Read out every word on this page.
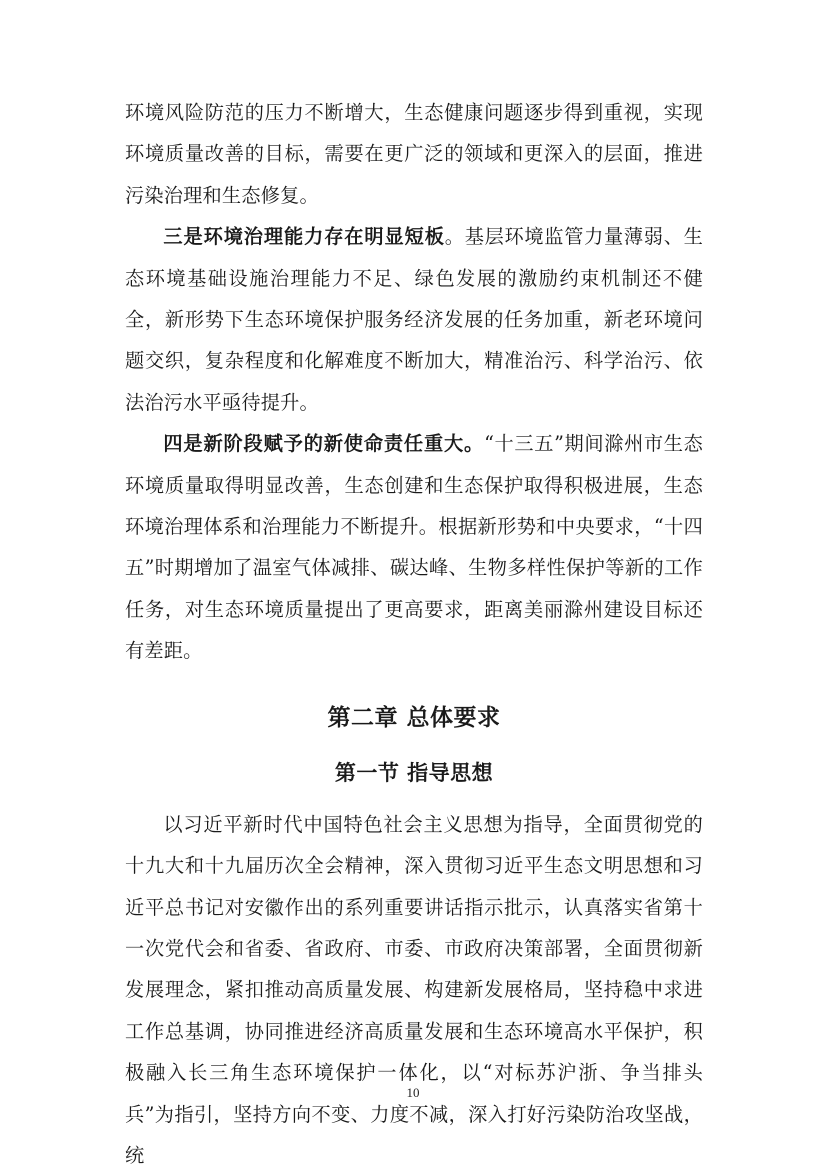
环境风险防范的压力不断增大，生态健康问题逐步得到重视，实现环境质量改善的目标，需要在更广泛的领域和更深入的层面，推进污染治理和生态修复。

三是环境治理能力存在明显短板。基层环境监管力量薄弱、生态环境基础设施治理能力不足、绿色发展的激励约束机制还不健全，新形势下生态环境保护服务经济发展的任务加重，新老环境问题交织，复杂程度和化解难度不断加大，精准治污、科学治污、依法治污水平亟待提升。

四是新阶段赋予的新使命责任重大。“十三五”期间滁州市生态环境质量取得明显改善，生态创建和生态保护取得积极进展，生态环境治理体系和治理能力不断提升。根据新形势和中央要求，“十四五”时期增加了温室气体减排、碳达峰、生物多样性保护等新的工作任务，对生态环境质量提出了更高要求，距离美丽滁州建设目标还有差距。

第二章 总体要求
第一节 指导思想

以习近平新时代中国特色社会主义思想为指导，全面贯彻党的十九大和十九届历次全会精神，深入贯彻习近平生态文明思想和习近平总书记对安徽作出的系列重要讲话指示批示，认真落实省第十一次党代会和省委、省政府、市委、市政府决策部署，全面贯彻新发展理念，紧扣推动高质量发展、构建新发展格局，坚持稳中求进工作总基调，协同推进经济高质量发展和生态环境高水平保护，积极融入长三角生态环境保护一体化，以“对标苏沪浙、争当排头兵”为指引，坚持方向不变、力度不减，深入打好污染防治攻坚战，统

10
